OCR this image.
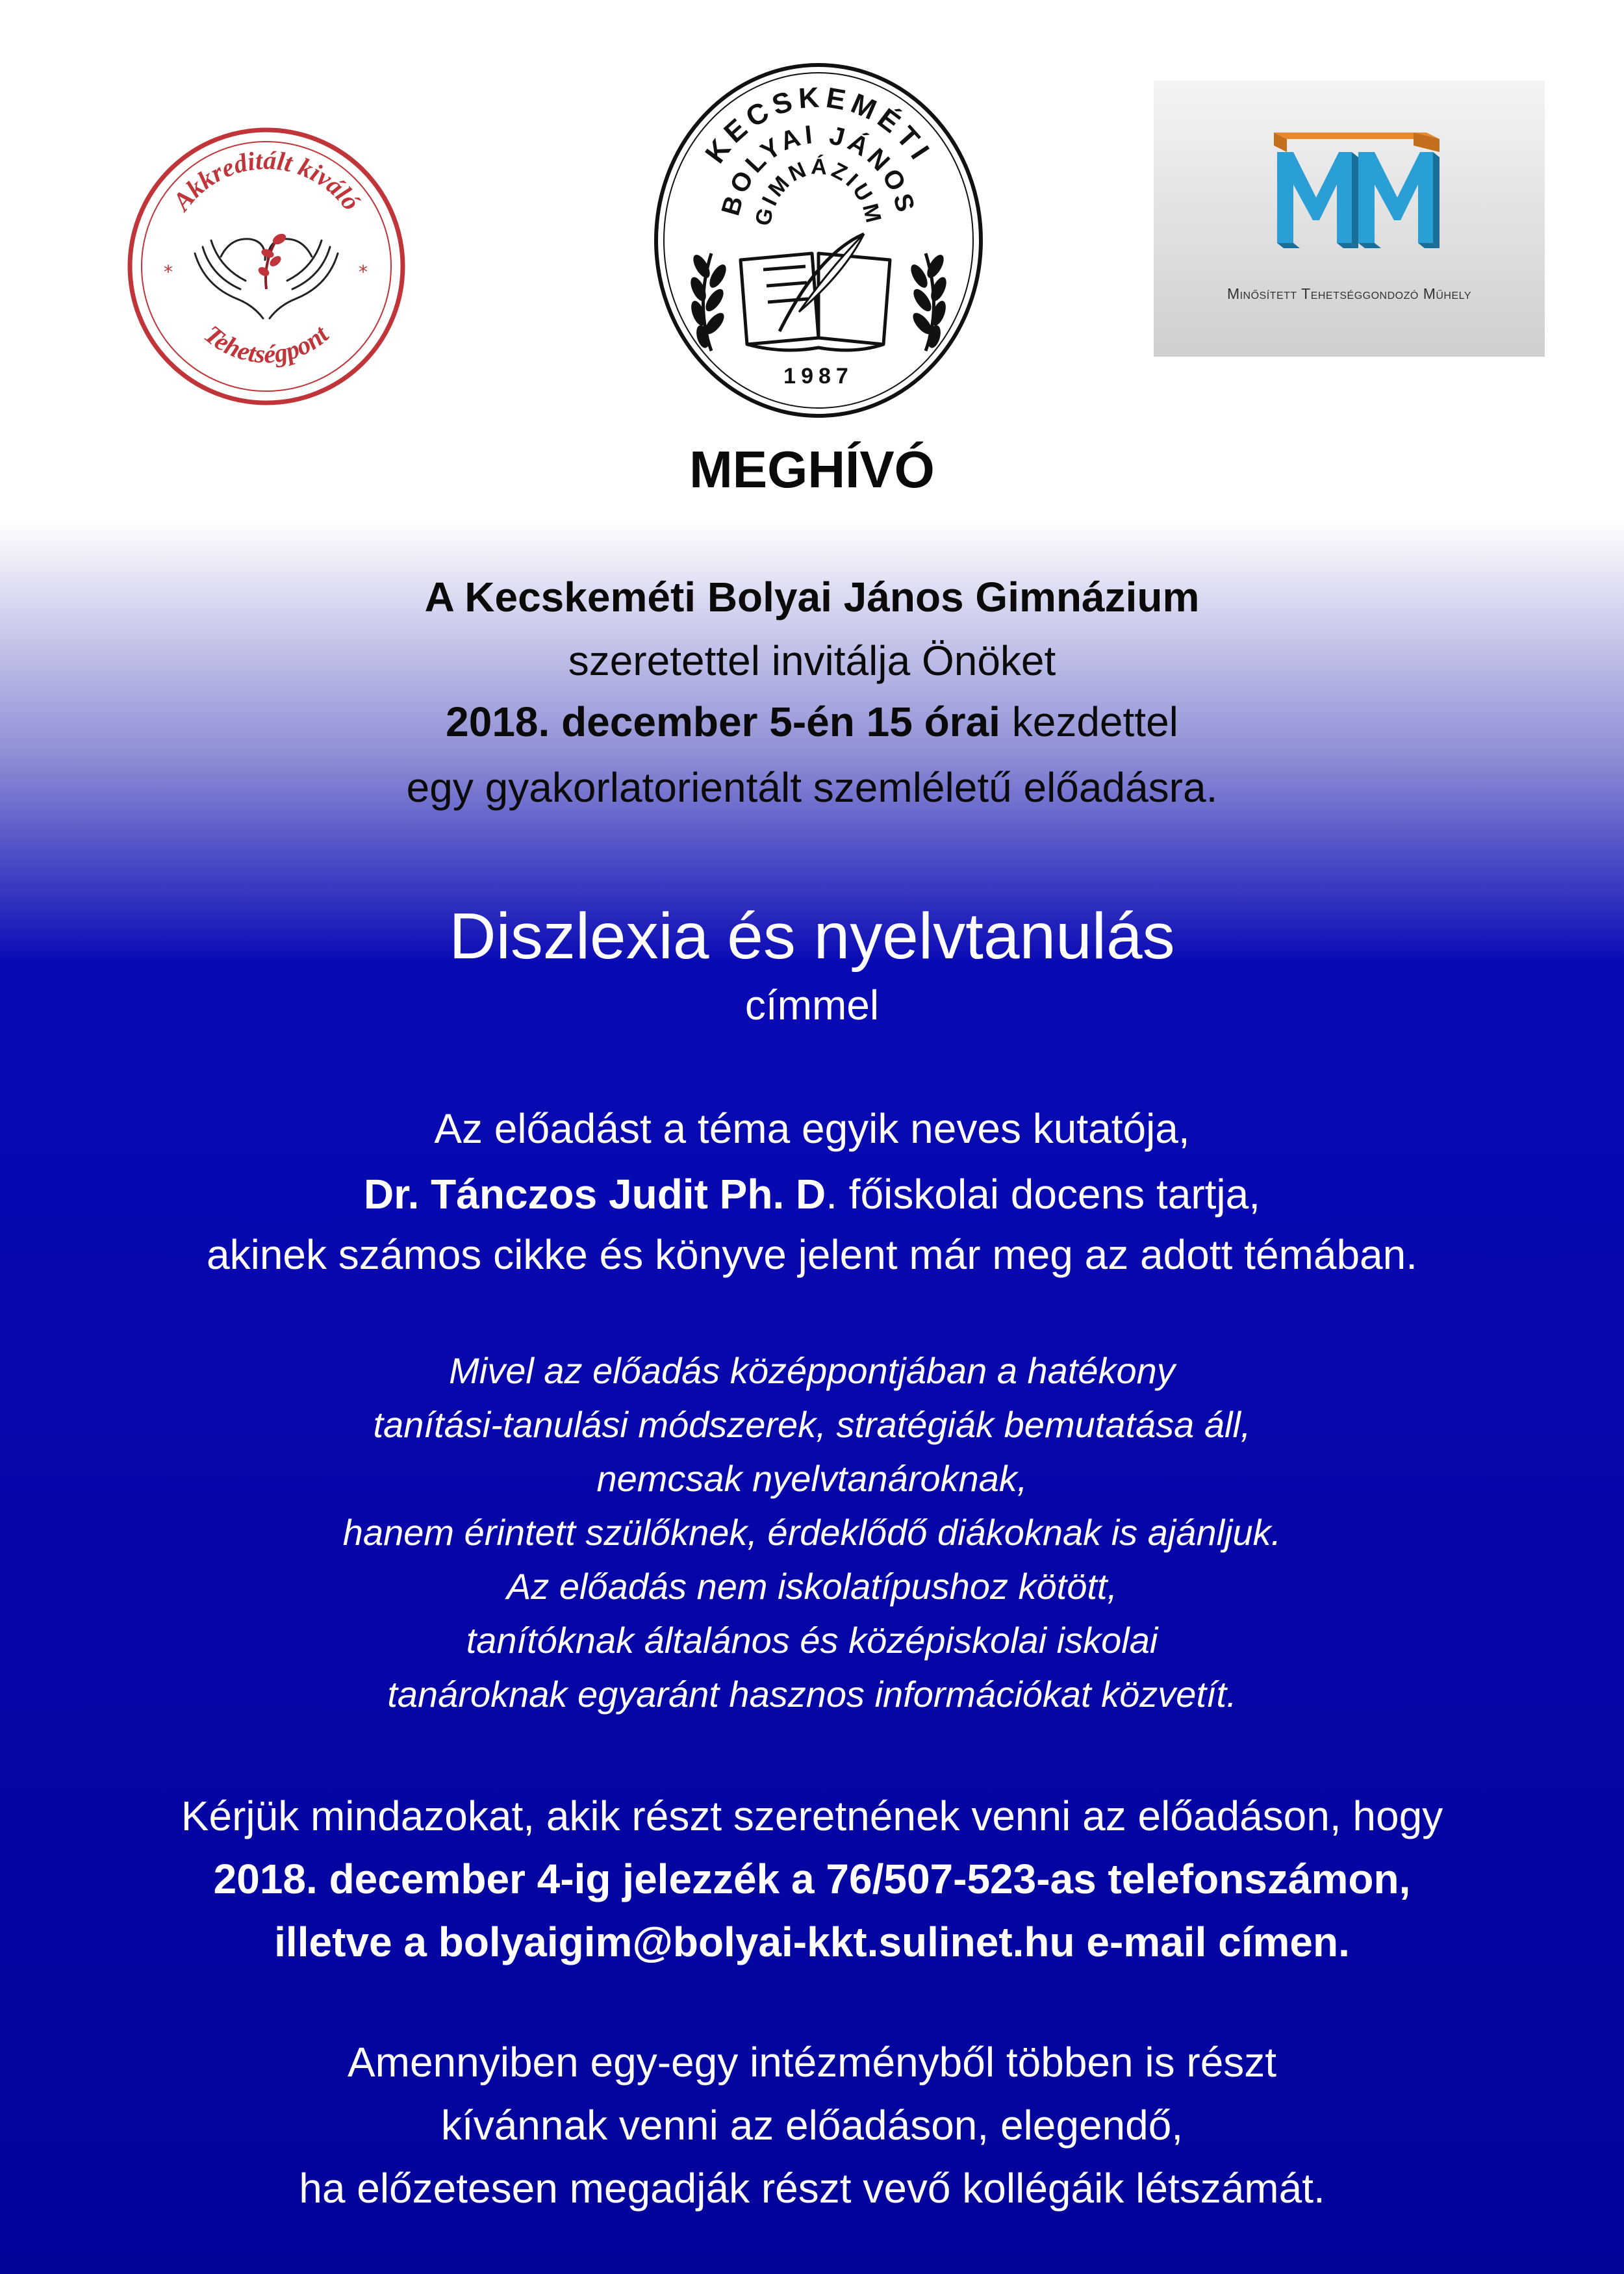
Akkreditált kiváló
Tehetségpont
*	*
KECSKEMÉTI
BOLYAI JÁNOS
GIMNÁZIUM
1987
Minősített Tehetséggondozó Műhely
MEGHÍVÓ
A Kecskeméti Bolyai János Gimnázium
szeretettel invitálja Önöket
2018. december 5-én 15 órai kezdettel
egy gyakorlatorientált szemléletű előadásra.
Diszlexia és nyelvtanulás
címmel
Az előadást a téma egyik neves kutatója,
Dr. Tánczos Judit Ph. D. főiskolai docens tartja,
akinek számos cikke és könyve jelent már meg az adott témában.
Mivel az előadás középpontjában a hatékony
tanítási-tanulási módszerek, stratégiák bemutatása áll,
nemcsak nyelvtanároknak,
hanem érintett szülőknek, érdeklődő diákoknak is ajánljuk.
Az előadás nem iskolatípushoz kötött,
tanítóknak általános és középiskolai iskolai
tanároknak egyaránt hasznos információkat közvetít.
Kérjük mindazokat, akik részt szeretnének venni az előadáson, hogy
2018. december 4-ig jelezzék a 76/507-523-as telefonszámon,
illetve a bolyaigim@bolyai-kkt.sulinet.hu e-mail címen.
Amennyiben egy-egy intézményből többen is részt
kívánnak venni az előadáson, elegendő,
ha előzetesen megadják részt vevő kollégáik létszámát.
